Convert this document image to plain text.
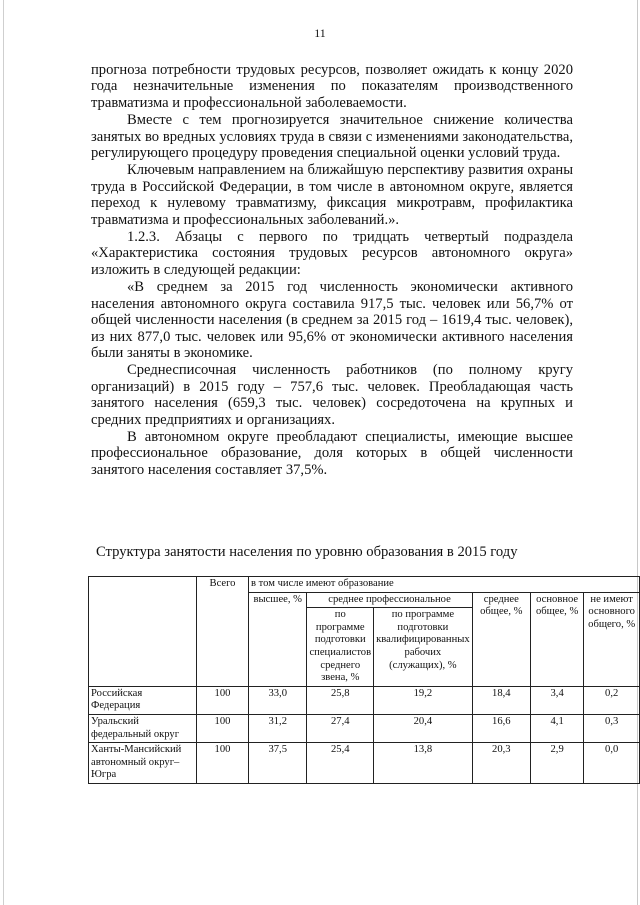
11

прогноза потребности трудовых ресурсов, позволяет ожидать к концу 2020 года незначительные изменения по показателям производственного травматизма и профессиональной заболеваемости.

Вместе с тем прогнозируется значительное снижение количества занятых во вредных условиях труда в связи с изменениями законодательства, регулирующего процедуру проведения специальной оценки условий труда.

Ключевым направлением на ближайшую перспективу развития охраны труда в Российской Федерации, в том числе в автономном округе, является переход к нулевому травматизму, фиксация микротравм, профилактика травматизма и профессиональных заболеваний.».

1.2.3. Абзацы с первого по тридцать четвертый подраздела «Характеристика состояния трудовых ресурсов автономного округа» изложить в следующей редакции:

«В среднем за 2015 год численность экономически активного населения автономного округа составила 917,5 тыс. человек или 56,7% от общей численности населения (в среднем за 2015 год – 1619,4 тыс. человек), из них 877,0 тыс. человек или 95,6% от экономически активного населения были заняты в экономике.

Среднесписочная численность работников (по полному кругу организаций) в 2015 году – 757,6 тыс. человек. Преобладающая часть занятого населения (659,3 тыс. человек) сосредоточена на крупных и средних предприятиях и организациях.

В автономном округе преобладают специалисты, имеющие высшее профессиональное образование, доля которых в общей численности занятого населения составляет 37,5%.

Структура занятости населения по уровню образования в 2015 году
	Всего	в том числе имеют образование					
		высшее, %	среднее профессиональное		среднее общее, %	основное общее, %	не имеют основного общего, %
			по программе подготовки специалистов среднего звена, %	по программе подготовки квалифицированных рабочих (служащих), %			
Российская Федерация	100	33,0	25,8	19,2	18,4	3,4	0,2
Уральский федеральный округ	100	31,2	27,4	20,4	16,6	4,1	0,3
Ханты-Мансийский автономный округ–Югра	100	37,5	25,4	13,8	20,3	2,9	0,0
